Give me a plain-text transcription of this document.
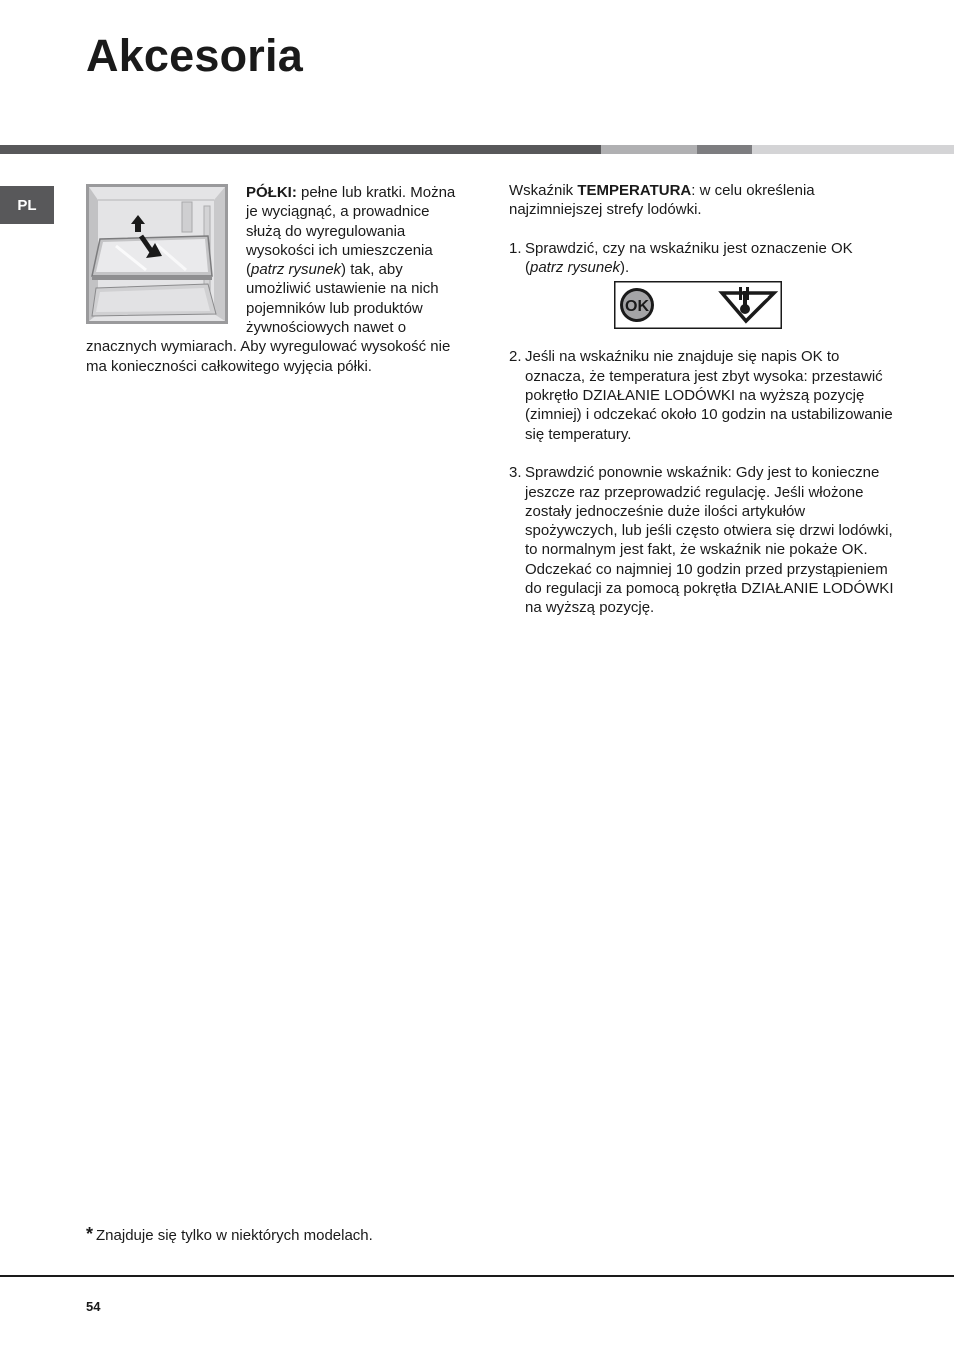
Akcesoria
PL

PÓŁKI: pełne lub kratki. Można je wyciągnąć, a prowadnice służą do wyregulowania wysokości ich umieszczenia (patrz rysunek) tak, aby umożliwić ustawienie na nich pojemników lub produktów żywnościowych nawet o znacznych wymiarach. Aby wyregulować wysokość nie ma konieczności całkowitego wyjęcia półki.

Wskaźnik TEMPERATURA: w celu określenia najzimniejszej strefy lodówki.

1. Sprawdzić, czy na wskaźniku jest oznaczenie OK (patrz rysunek).
OK
2. Jeśli na wskaźniku nie znajduje się napis OK to oznacza, że temperatura jest zbyt wysoka: przestawić pokrętło DZIAŁANIE LODÓWKI na wyższą pozycję (zimniej) i odczekać około 10 godzin na ustabilizowanie się temperatury.
3. Sprawdzić ponownie wskaźnik: Gdy jest to konieczne jeszcze raz przeprowadzić regulację. Jeśli włożone zostały jednocześnie duże ilości artykułów spożywczych, lub jeśli często otwiera się drzwi lodówki, to normalnym jest fakt, że wskaźnik nie pokaże OK. Odczekać co najmniej 10 godzin przed przystąpieniem do regulacji za pomocą pokrętła DZIAŁANIE LODÓWKI na wyższą pozycję.
* Znajduje się tylko w niektórych modelach.
54
